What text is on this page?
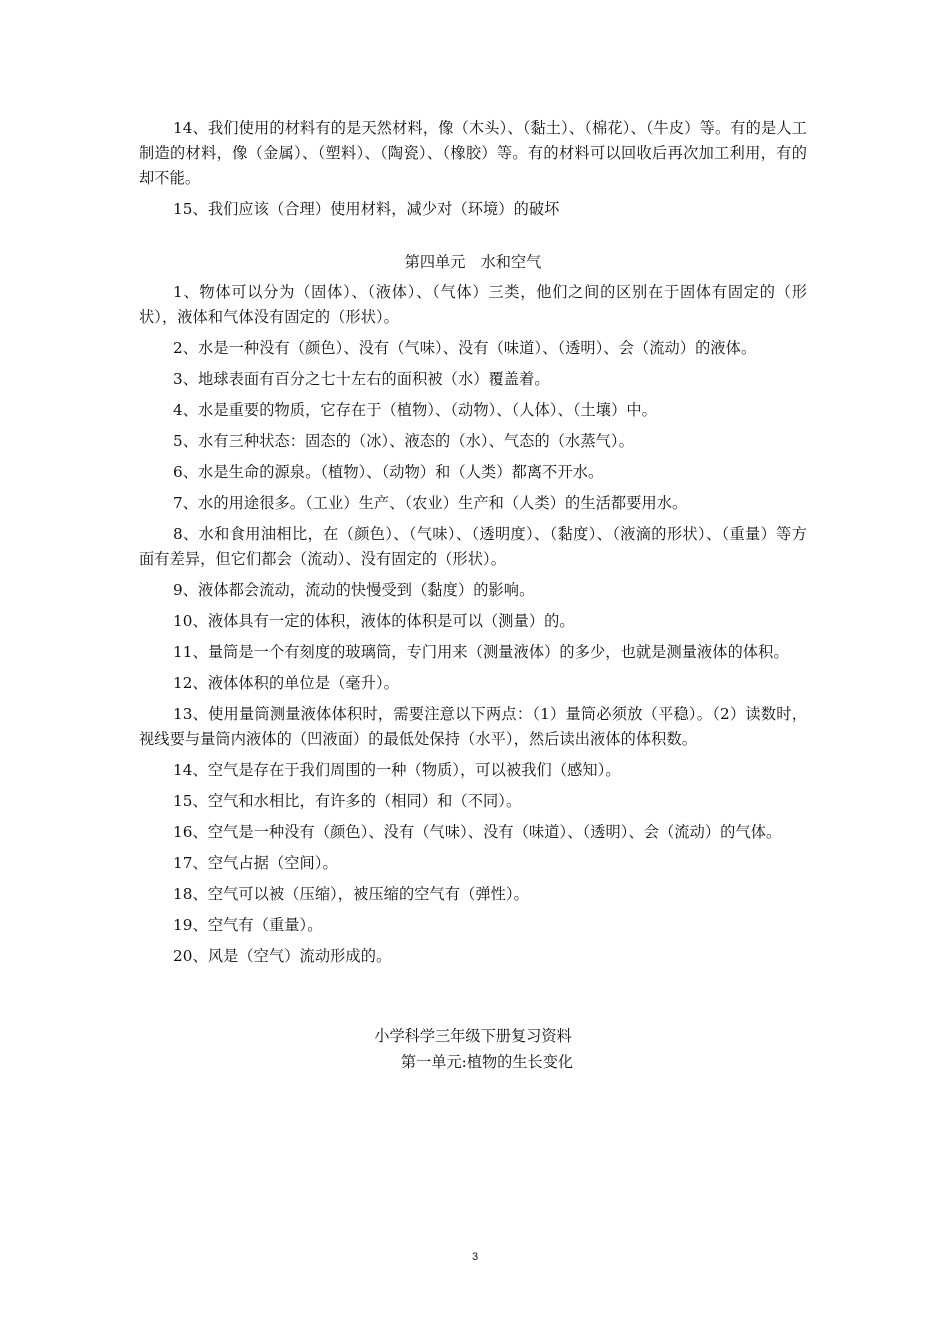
14、我们使用的材料有的是天然材料，像（木头）、（黏土）、（棉花）、（牛皮）等。有的是人工制造的材料，像（金属）、（塑料）、（陶瓷）、（橡胶）等。有的材料可以回收后再次加工利用，有的却不能。

15、我们应该（合理）使用材料，减少对（环境）的破坏

第四单元　水和空气

1、物体可以分为（固体）、（液体）、（气体）三类，他们之间的区别在于固体有固定的（形状），液体和气体没有固定的（形状）。

2、水是一种没有（颜色）、没有（气味）、没有（味道）、（透明）、会（流动）的液体。

3、地球表面有百分之七十左右的面积被（水）覆盖着。

4、水是重要的物质，它存在于（植物）、（动物）、（人体）、（土壤）中。

5、水有三种状态：固态的（冰）、液态的（水）、气态的（水蒸气）。

6、水是生命的源泉。（植物）、（动物）和（人类）都离不开水。

7、水的用途很多。（工业）生产、（农业）生产和（人类）的生活都要用水。

8、水和食用油相比，在（颜色）、（气味）、（透明度）、（黏度）、（液滴的形状）、（重量）等方面有差异，但它们都会（流动）、没有固定的（形状）。

9、液体都会流动，流动的快慢受到（黏度）的影响。

10、液体具有一定的体积，液体的体积是可以（测量）的。

11、量筒是一个有刻度的玻璃筒，专门用来（测量液体）的多少，也就是测量液体的体积。

12、液体体积的单位是（毫升）。

13、使用量筒测量液体体积时，需要注意以下两点：（1）量筒必须放（平稳）。（2）读数时，视线要与量筒内液体的（凹液面）的最低处保持（水平），然后读出液体的体积数。

14、空气是存在于我们周围的一种（物质），可以被我们（感知）。

15、空气和水相比，有许多的（相同）和（不同）。

16、空气是一种没有（颜色）、没有（气味）、没有（味道）、（透明）、会（流动）的气体。

17、空气占据（空间）。

18、空气可以被（压缩），被压缩的空气有（弹性）。

19、空气有（重量）。

20、风是（空气）流动形成的。

小学科学三年级下册复习资料

第一单元:植物的生长变化

3
